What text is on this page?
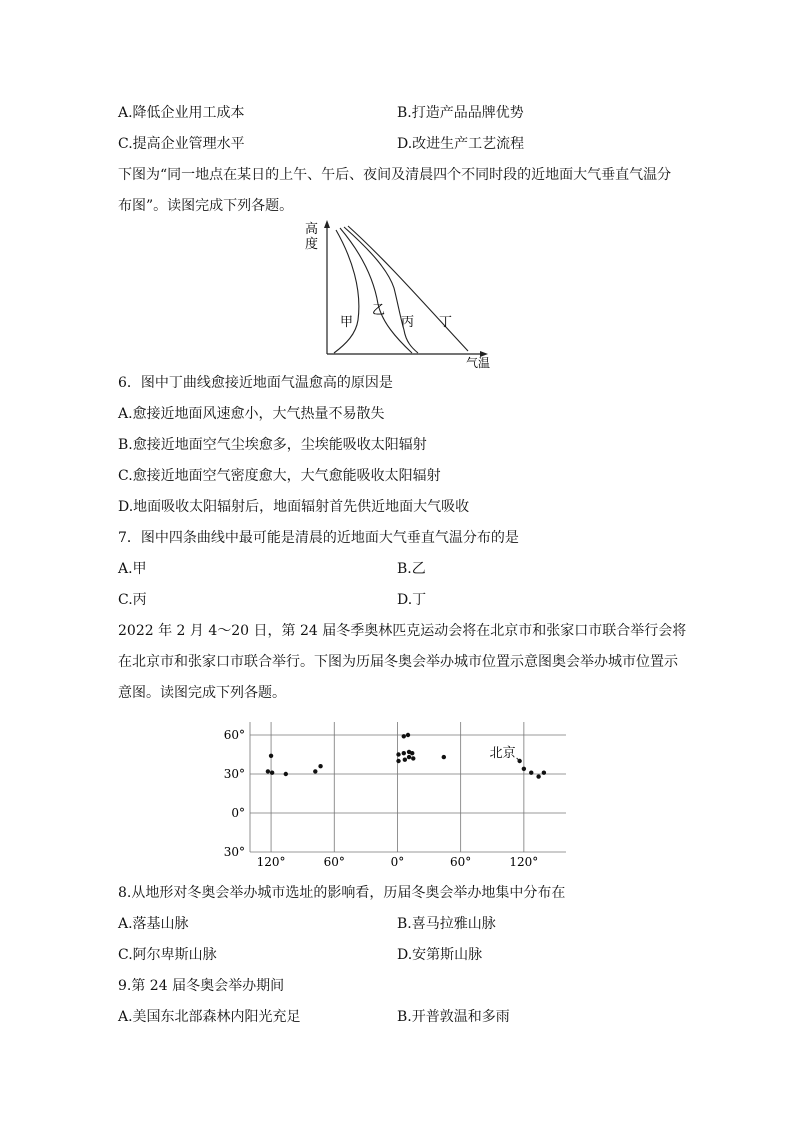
A.降低企业用工成本	B.打造产品品牌优势
C.提高企业管理水平	D.改进生产工艺流程
下图为“同一地点在某日的上午、午后、夜间及清晨四个不同时段的近地面大气垂直气温分
布图”。读图完成下列各题。
高
度
气温
甲
乙
丙 丁
6．图中丁曲线愈接近地面气温愈高的原因是
A.愈接近地面风速愈小，大气热量不易散失
B.愈接近地面空气尘埃愈多，尘埃能吸收太阳辐射
C.愈接近地面空气密度愈大，大气愈能吸收太阳辐射
D.地面吸收太阳辐射后，地面辐射首先供近地面大气吸收
7．图中四条曲线中最可能是清晨的近地面大气垂直气温分布的是
A.甲	B.乙
C.丙	D.丁
2022 年 2 月 4～20 日，第 24 届冬季奥林匹克运动会将在北京市和张家口市联合举行会将
在北京市和张家口市联合举行。下图为历届冬奥会举办城市位置示意图奥会举办城市位置示
意图。读图完成下列各题。
60°
30°
0°
30°
120°	60°	0°	60°	120°
北京
8.从地形对冬奥会举办城市选址的影响看，历届冬奥会举办地集中分布在
A.落基山脉	B.喜马拉雅山脉
C.阿尔卑斯山脉	D.安第斯山脉
9.第 24 届冬奥会举办期间
A.美国东北部森林内阳光充足	B.开普敦温和多雨
